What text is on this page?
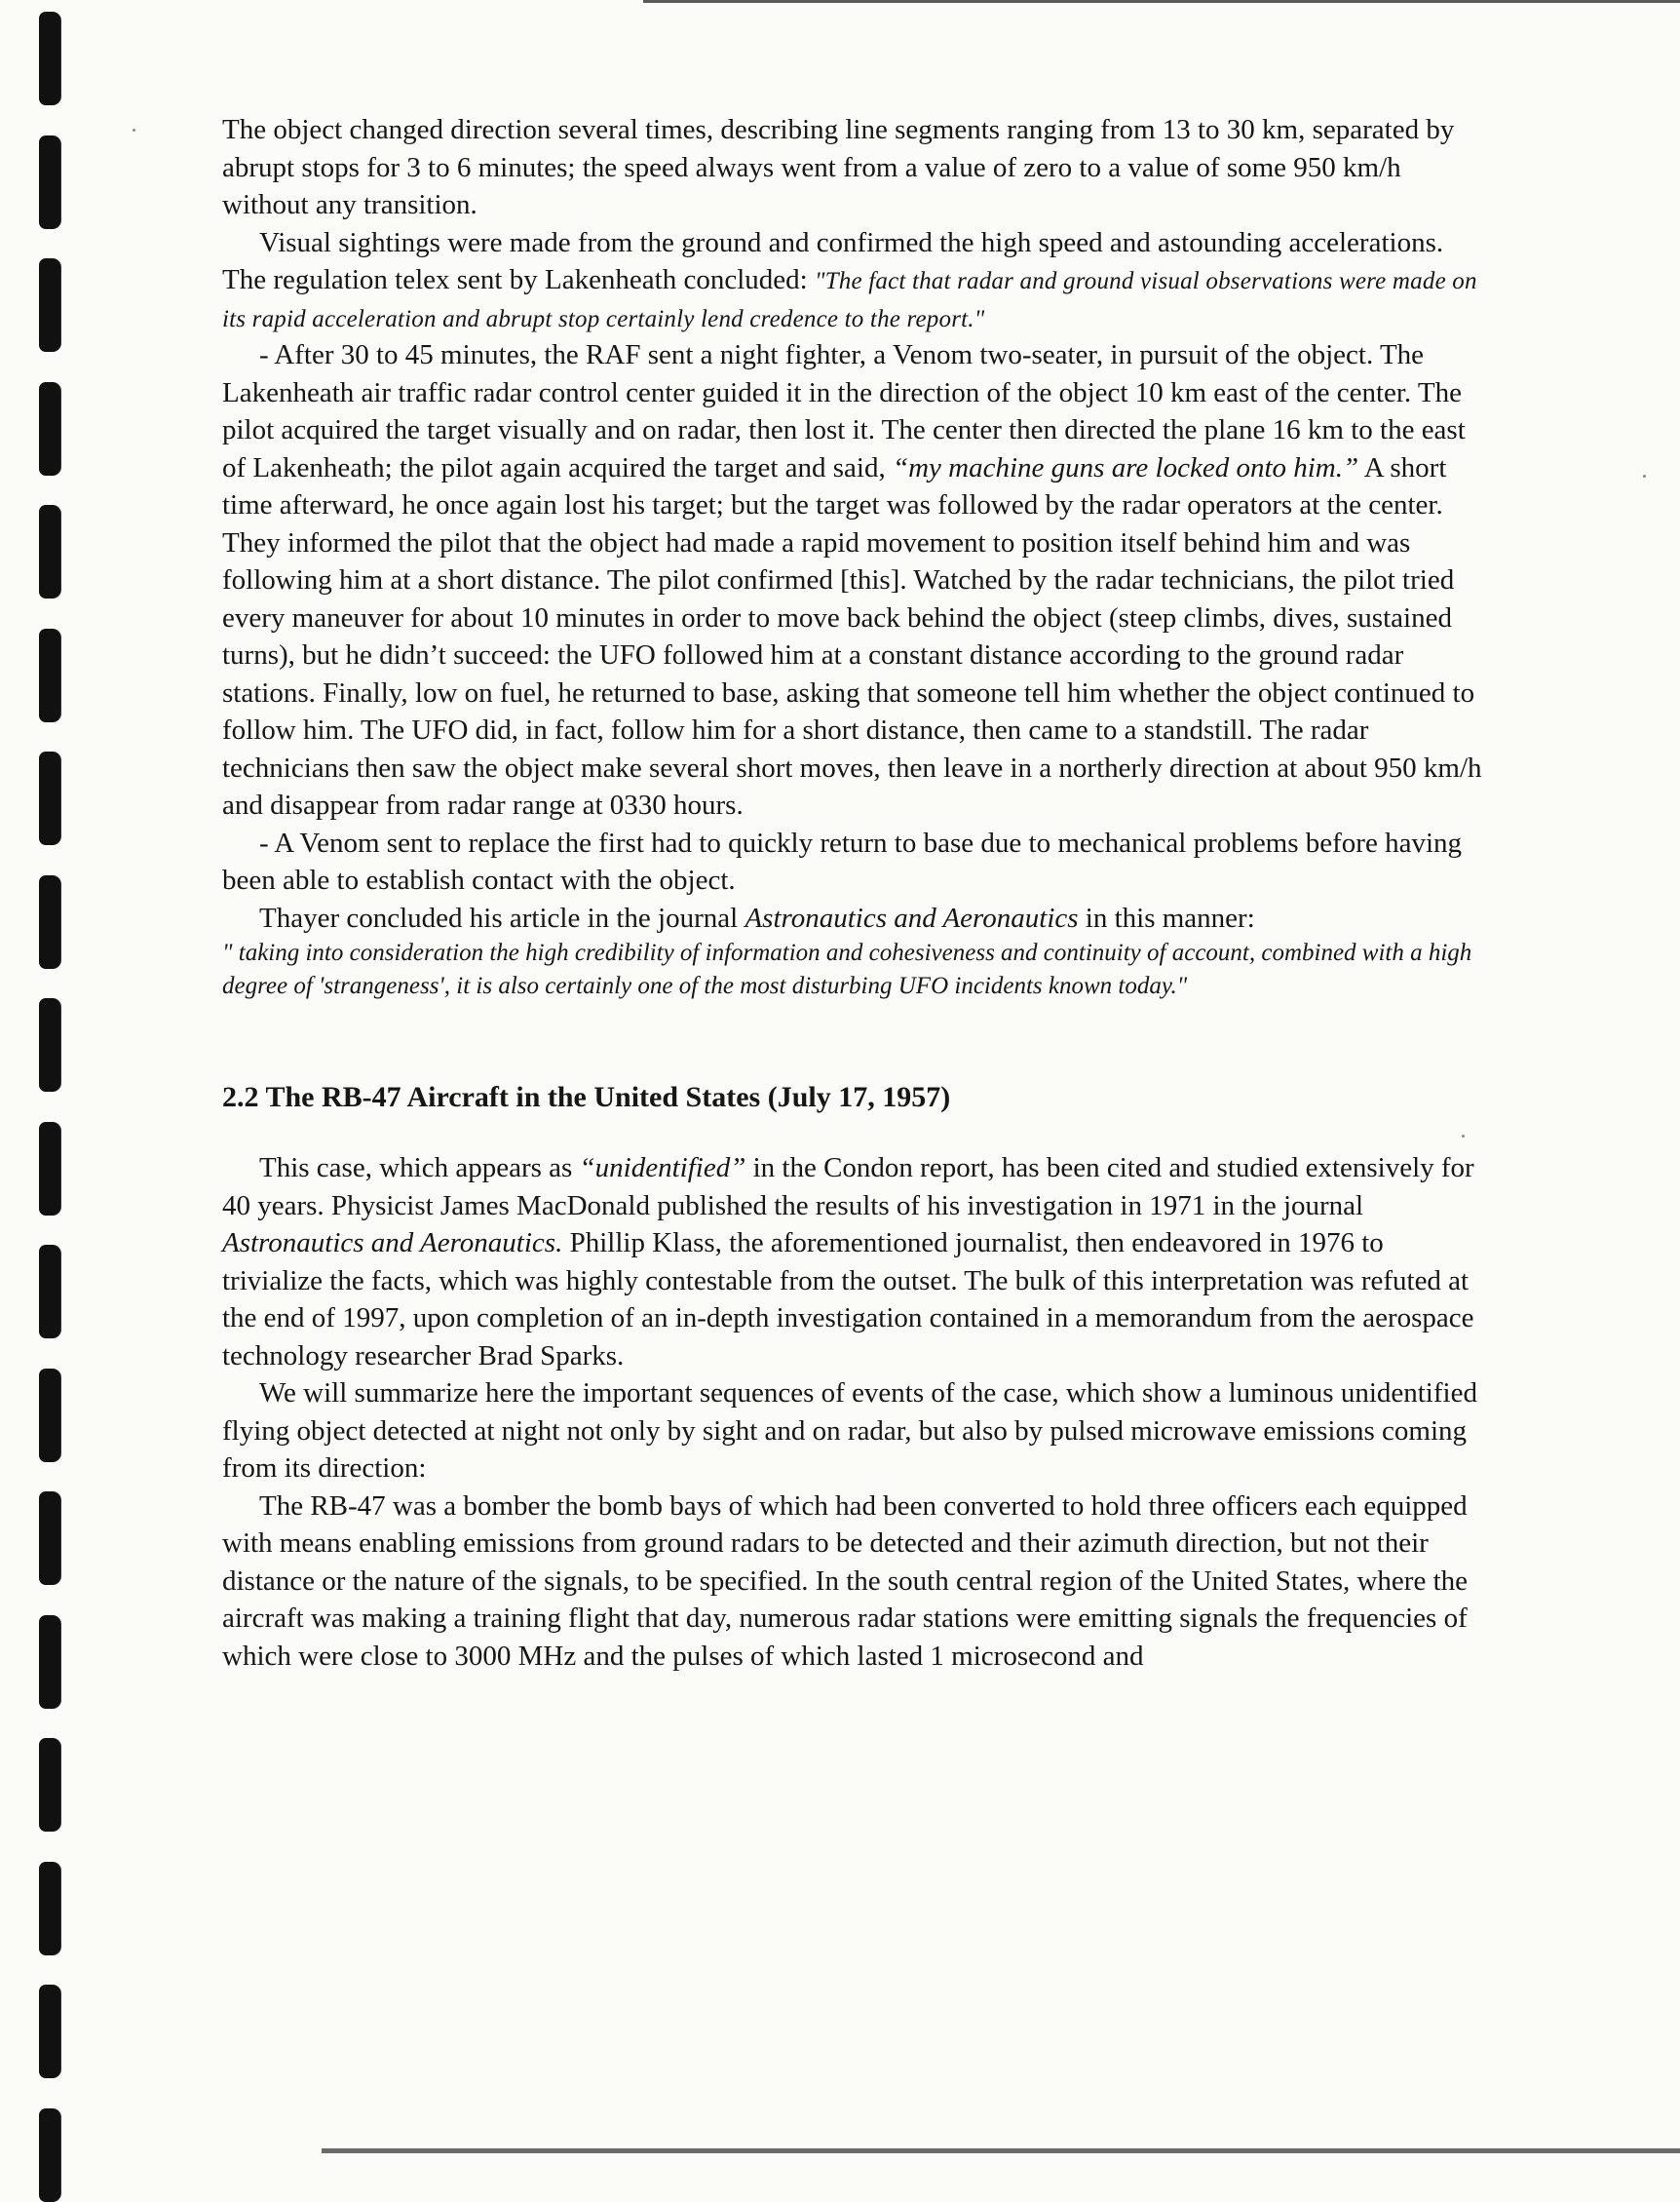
The object changed direction several times, describing line segments ranging from 13 to 30 km, separated by abrupt stops for 3 to 6 minutes; the speed always went from a value of zero to a value of some 950 km/h without any transition.

Visual sightings were made from the ground and confirmed the high speed and astounding accelerations. The regulation telex sent by Lakenheath concluded: "The fact that radar and ground visual observations were made on its rapid acceleration and abrupt stop certainly lend credence to the report."

- After 30 to 45 minutes, the RAF sent a night fighter, a Venom two-seater, in pursuit of the object. The Lakenheath air traffic radar control center guided it in the direction of the object 10 km east of the center. The pilot acquired the target visually and on radar, then lost it. The center then directed the plane 16 km to the east of Lakenheath; the pilot again acquired the target and said, “my machine guns are locked onto him.” A short time afterward, he once again lost his target; but the target was followed by the radar operators at the center. They informed the pilot that the object had made a rapid movement to position itself behind him and was following him at a short distance. The pilot confirmed [this]. Watched by the radar technicians, the pilot tried every maneuver for about 10 minutes in order to move back behind the object (steep climbs, dives, sustained turns), but he didn’t succeed: the UFO followed him at a constant distance according to the ground radar stations. Finally, low on fuel, he returned to base, asking that someone tell him whether the object continued to follow him. The UFO did, in fact, follow him for a short distance, then came to a standstill. The radar technicians then saw the object make several short moves, then leave in a northerly direction at about 950 km/h and disappear from radar range at 0330 hours.

- A Venom sent to replace the first had to quickly return to base due to mechanical problems before having been able to establish contact with the object.

Thayer concluded his article in the journal Astronautics and Aeronautics in this manner:

" taking into consideration the high credibility of information and cohesiveness and continuity of account, combined with a high degree of 'strangeness', it is also certainly one of the most disturbing UFO incidents known today."

2.2 The RB-47 Aircraft in the United States (July 17, 1957)

This case, which appears as “unidentified” in the Condon report, has been cited and studied extensively for 40 years. Physicist James MacDonald published the results of his investigation in 1971 in the journal Astronautics and Aeronautics. Phillip Klass, the aforementioned journalist, then endeavored in 1976 to trivialize the facts, which was highly contestable from the outset. The bulk of this interpretation was refuted at the end of 1997, upon completion of an in-depth investigation contained in a memorandum from the aerospace technology researcher Brad Sparks.

We will summarize here the important sequences of events of the case, which show a luminous unidentified flying object detected at night not only by sight and on radar, but also by pulsed microwave emissions coming from its direction:

The RB-47 was a bomber the bomb bays of which had been converted to hold three officers each equipped with means enabling emissions from ground radars to be detected and their azimuth direction, but not their distance or the nature of the signals, to be specified. In the south central region of the United States, where the aircraft was making a training flight that day, numerous radar stations were emitting signals the frequencies of which were close to 3000 MHz and the pulses of which lasted 1 microsecond and
